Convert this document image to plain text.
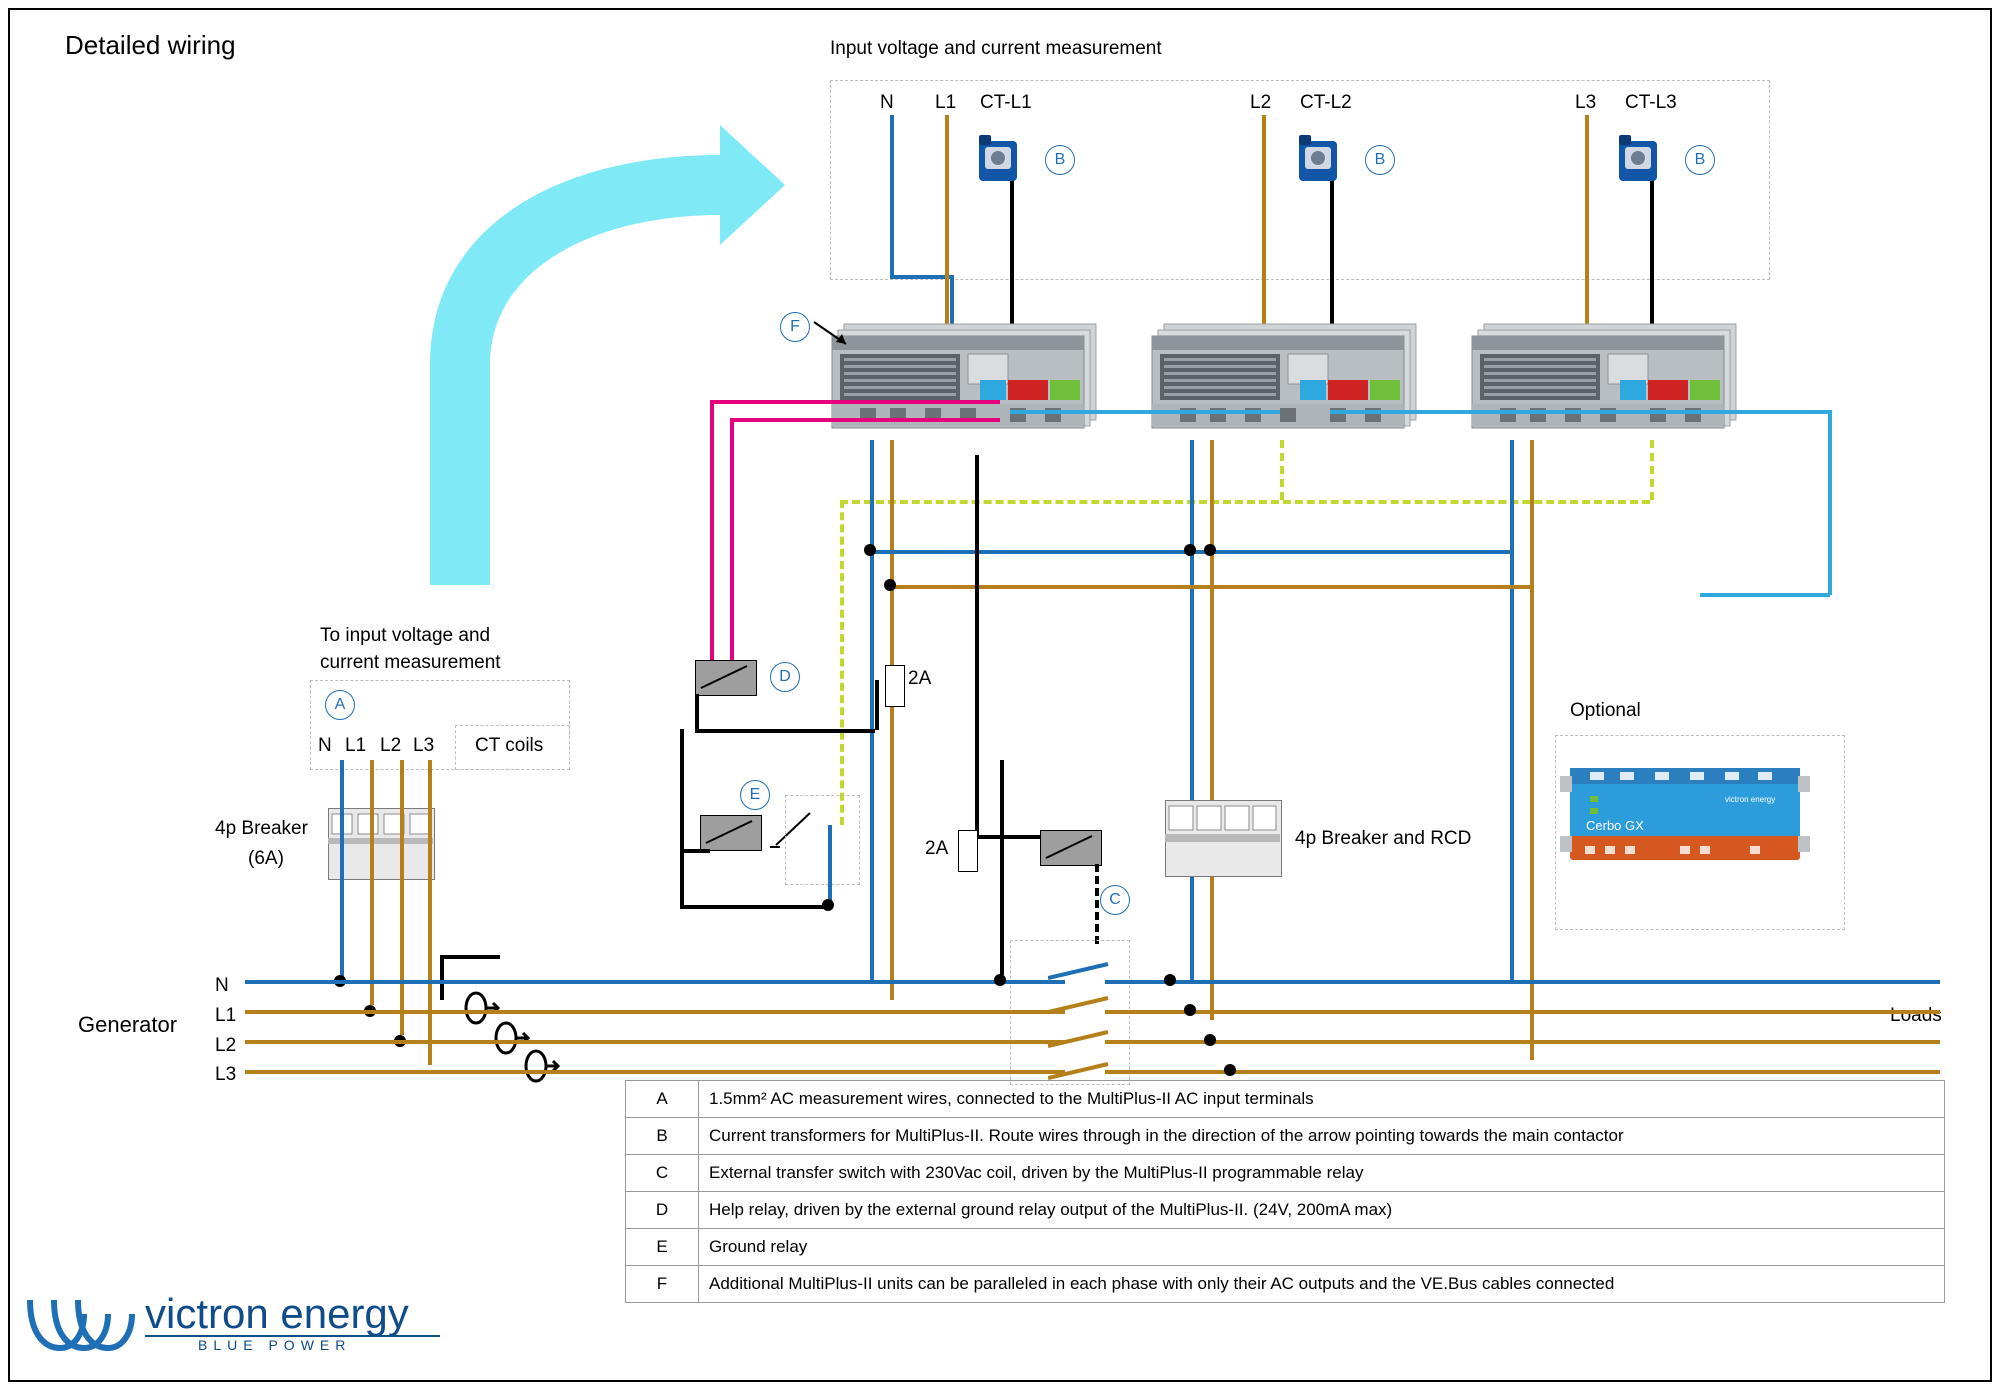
Detailed wiring	Input voltage and current measurement
N L1 CT-L1	L2 CT-L2	L3 CT-L3
B	B	B
F
To input voltage and
current measurement
A
N L1 L2 L3 CT coils
4p Breaker
(6A)
D
E
2A
2A
C
4p Breaker and RCD
Optional
Cerbo GX
victron energy
Generator	Loads
N
L1
L2
L3
A	1.5mm² AC measurement wires, connected to the MultiPlus-II AC input terminals
B	Current transformers for MultiPlus-II. Route wires through in the direction of the arrow pointing towards the main contactor
C	External transfer switch with 230Vac coil, driven by the MultiPlus-II programmable relay
D	Help relay, driven by the external ground relay output of the MultiPlus-II. (24V, 200mA max)
E	Ground relay
F	Additional MultiPlus-II units can be paralleled in each phase with only their AC outputs and the VE.Bus cables connected
victron energy
BLUE POWER
